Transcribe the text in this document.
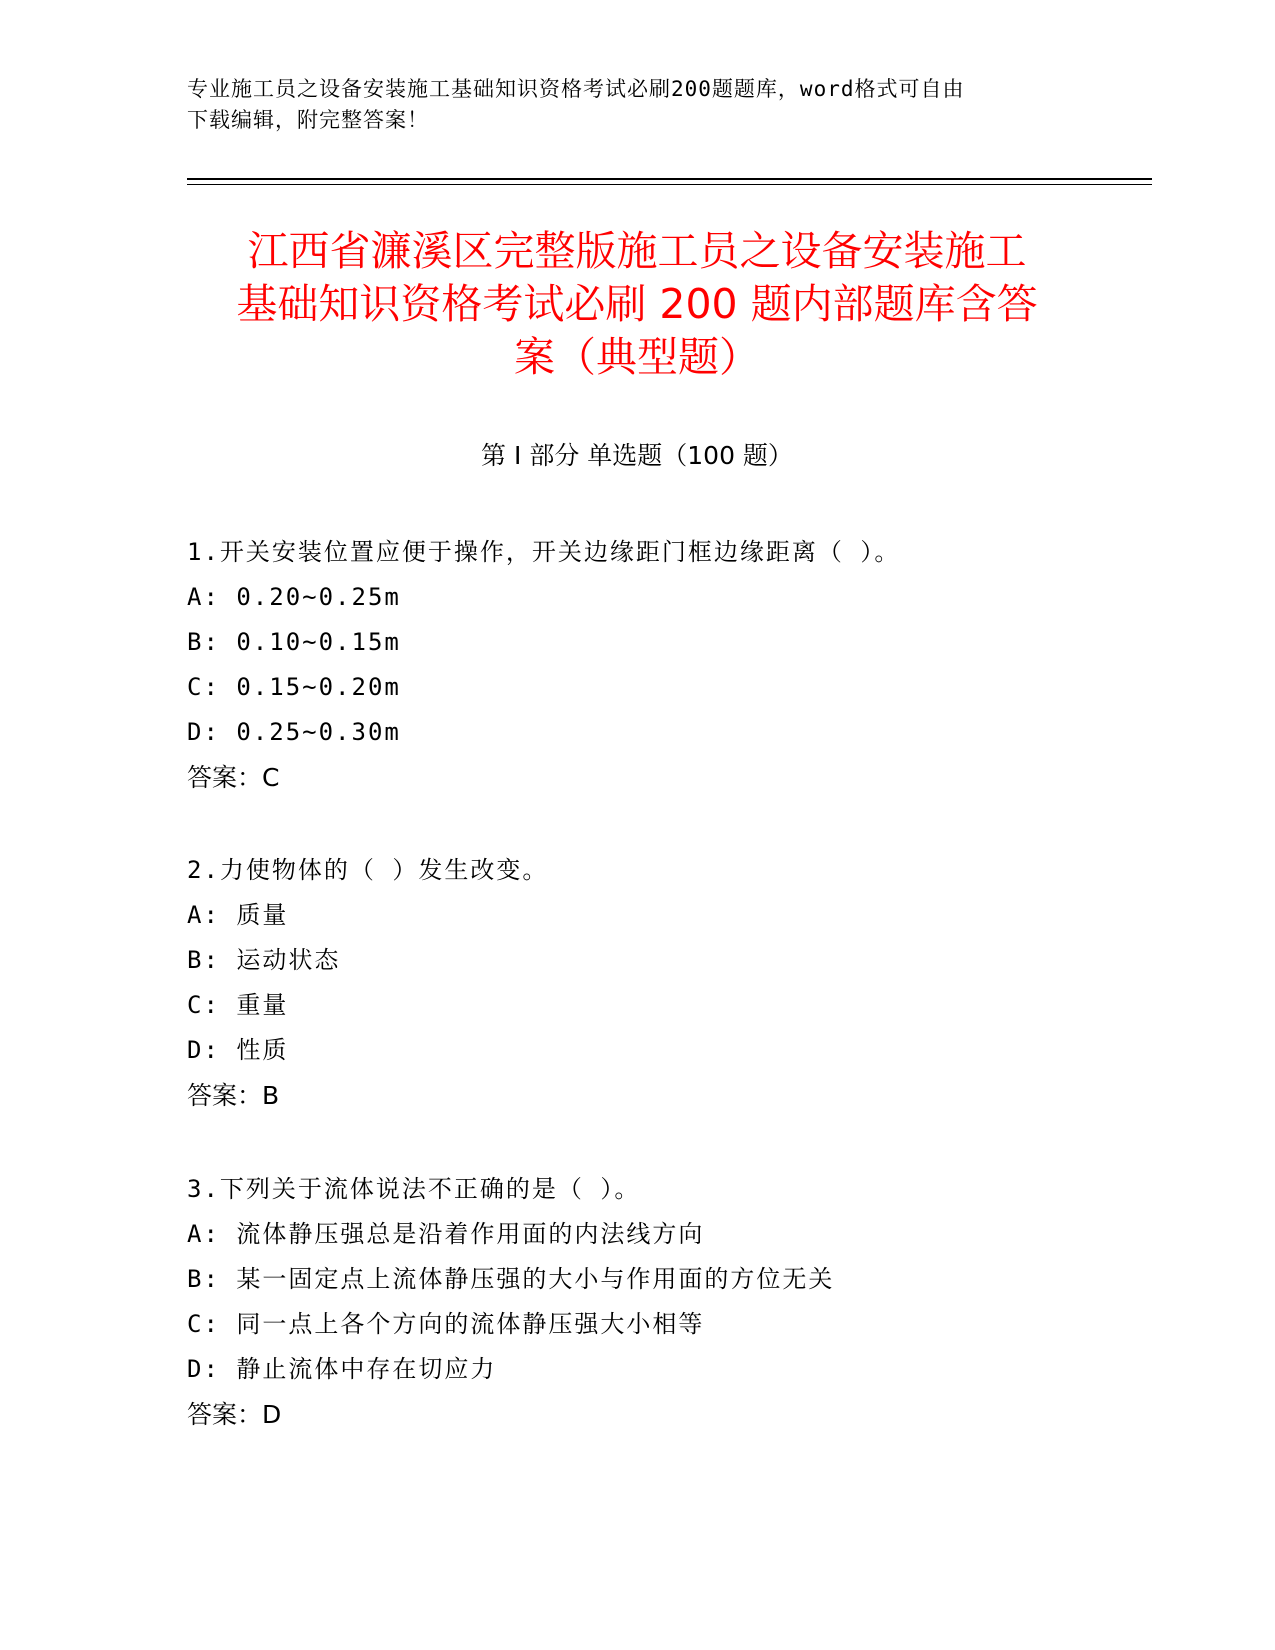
专业施工员之设备安装施工基础知识资格考试必刷200题题库，word格式可自由
下载编辑，附完整答案！
江西省濂溪区完整版施工员之设备安装施工
基础知识资格考试必刷 200 题内部题库含答
案（典型题）
第 I 部分 单选题（100 题）
1.开关安装位置应便于操作，开关边缘距门框边缘距离（ ）。
A: 0.20~0.25m
B: 0.10~0.15m
C: 0.15~0.20m
D: 0.25~0.30m
答案：C
2.力使物体的（ ）发生改变。
A: 质量
B: 运动状态
C: 重量
D: 性质
答案：B
3.下列关于流体说法不正确的是（ ）。
A: 流体静压强总是沿着作用面的内法线方向
B: 某一固定点上流体静压强的大小与作用面的方位无关
C: 同一点上各个方向的流体静压强大小相等
D: 静止流体中存在切应力
答案：D
